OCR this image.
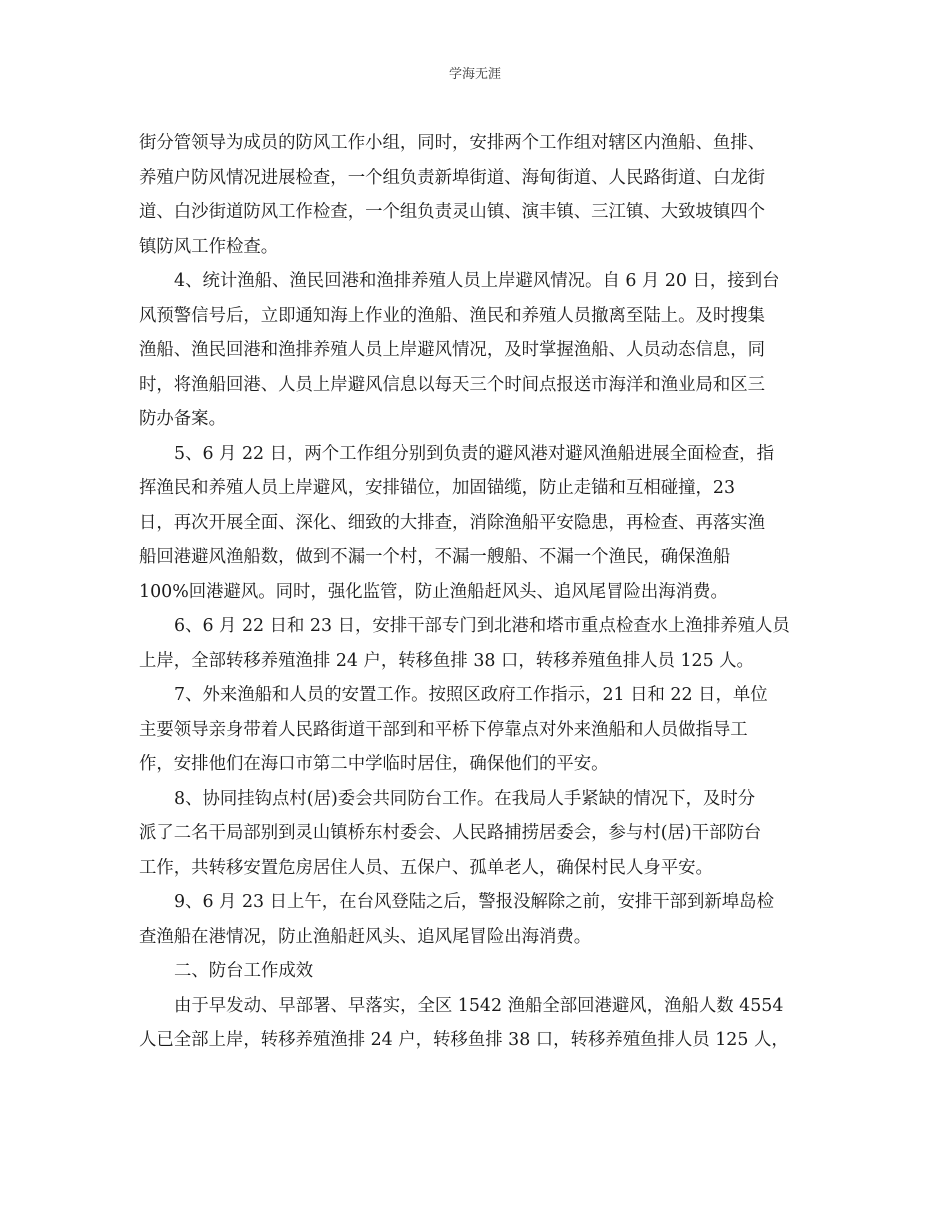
学海无涯
街分管领导为成员的防风工作小组，同时，安排两个工作组对辖区内渔船、鱼排、
养殖户防风情况进展检查，一个组负责新埠街道、海甸街道、人民路街道、白龙街
道、白沙街道防风工作检查，一个组负责灵山镇、演丰镇、三江镇、大致坡镇四个
镇防风工作检查。
4、统计渔船、渔民回港和渔排养殖人员上岸避风情况。自 6 月 20 日，接到台
风预警信号后，立即通知海上作业的渔船、渔民和养殖人员撤离至陆上。及时搜集
渔船、渔民回港和渔排养殖人员上岸避风情况，及时掌握渔船、人员动态信息，同
时，将渔船回港、人员上岸避风信息以每天三个时间点报送市海洋和渔业局和区三
防办备案。
5、6 月 22 日，两个工作组分别到负责的避风港对避风渔船进展全面检查，指
挥渔民和养殖人员上岸避风，安排锚位，加固锚缆，防止走锚和互相碰撞，23
日，再次开展全面、深化、细致的大排查，消除渔船平安隐患，再检查、再落实渔
船回港避风渔船数，做到不漏一个村，不漏一艘船、不漏一个渔民，确保渔船
100%回港避风。同时，强化监管，防止渔船赶风头、追风尾冒险出海消费。
6、6 月 22 日和 23 日，安排干部专门到北港和塔市重点检查水上渔排养殖人员
上岸，全部转移养殖渔排 24 户，转移鱼排 38 口，转移养殖鱼排人员 125 人。
7、外来渔船和人员的安置工作。按照区政府工作指示，21 日和 22 日，单位
主要领导亲身带着人民路街道干部到和平桥下停靠点对外来渔船和人员做指导工
作，安排他们在海口市第二中学临时居住，确保他们的平安。
8、协同挂钩点村(居)委会共同防台工作。在我局人手紧缺的情况下，及时分
派了二名干局部别到灵山镇桥东村委会、人民路捕捞居委会，参与村(居)干部防台
工作，共转移安置危房居住人员、五保户、孤单老人，确保村民人身平安。
9、6 月 23 日上午，在台风登陆之后，警报没解除之前，安排干部到新埠岛检
查渔船在港情况，防止渔船赶风头、追风尾冒险出海消费。
二、防台工作成效
由于早发动、早部署、早落实，全区 1542 渔船全部回港避风，渔船人数 4554
人已全部上岸，转移养殖渔排 24 户，转移鱼排 38 口，转移养殖鱼排人员 125 人，
